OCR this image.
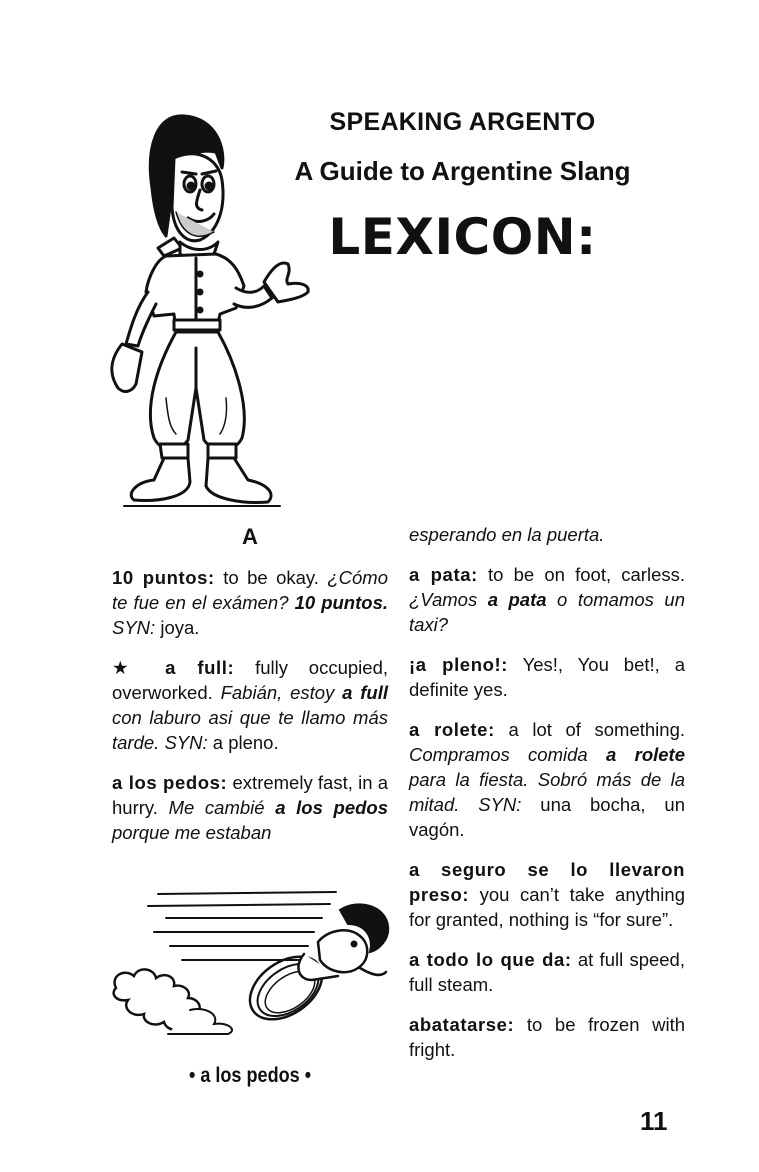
SPEAKING ARGENTO
A Guide to Argentine Slang
LEXICON:
A

10 puntos: to be okay. ¿Cómo te fue en el exámen? 10 puntos. SYN: joya.

★ a full: fully occupied, overworked. Fabián, estoy a full con laburo asi que te llamo más tarde. SYN: a pleno.

a los pedos: extremely fast, in a hurry. Me cambié a los pedos porque me estaban

• a los pedos •

esperando en la puerta.

a pata: to be on foot, carless. ¿Vamos a pata o tomamos un taxi?

¡a pleno!: Yes!, You bet!, a definite yes.

a rolete: a lot of something. Compramos comida a rolete para la fiesta. Sobró más de la mitad. SYN: una bocha, un vagón.

a seguro se lo llevaron preso: you can’t take anything for granted, nothing is “for sure”.

a todo lo que da: at full speed, full steam.

abatatarse: to be frozen with fright.

11
